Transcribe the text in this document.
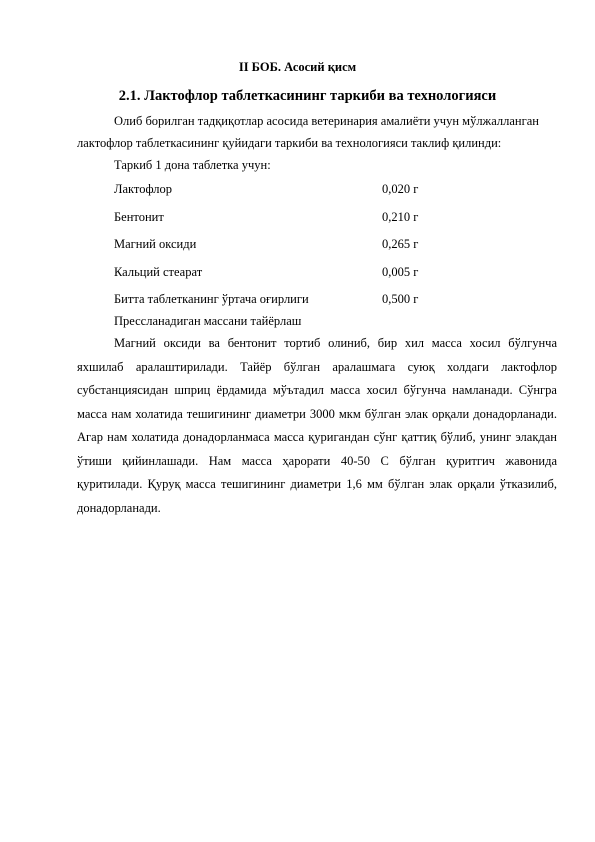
II БОБ. Асосий қисм
2.1. Лактофлор таблеткасининг таркиби ва технологияси

Олиб борилган тадқиқотлар асосида ветеринария амалиёти учун мўлжалланган лактофлор таблеткасининг қуйидаги таркиби ва технологияси таклиф қилинди:

Таркиб 1 дона таблетка учун:

Лактофлор	0,020 г
Бентонит	0,210 г
Магний оксиди	0,265 г
Кальций стеарат	0,005 г
Битта таблетканинг ўртача оғирлиги	0,500 г

Прессланадиган массани тайёрлаш

Магний оксиди ва бентонит тортиб олиниб, бир хил масса хосил бўлгунча яхшилаб аралаштирилади. Тайёр бўлган аралашмага суюқ холдаги лактофлор субстанциясидан шприц ёрдамида мўътадил масса хосил бўгунча намланади. Сўнгра масса нам холатида тешигининг диаметри 3000 мкм бўлган элак орқали донадорланади. Агар нам холатида донадорланмаса масса қуригандан сўнг қаттиқ бўлиб, унинг элакдан ўтиши қийинлашади. Нам масса ҳарорати 40-50 С бўлган қуритгич жавонида қуритилади. Қуруқ масса тешигининг диаметри 1,6 мм бўлган элак орқали ўтказилиб, донадорланади.
